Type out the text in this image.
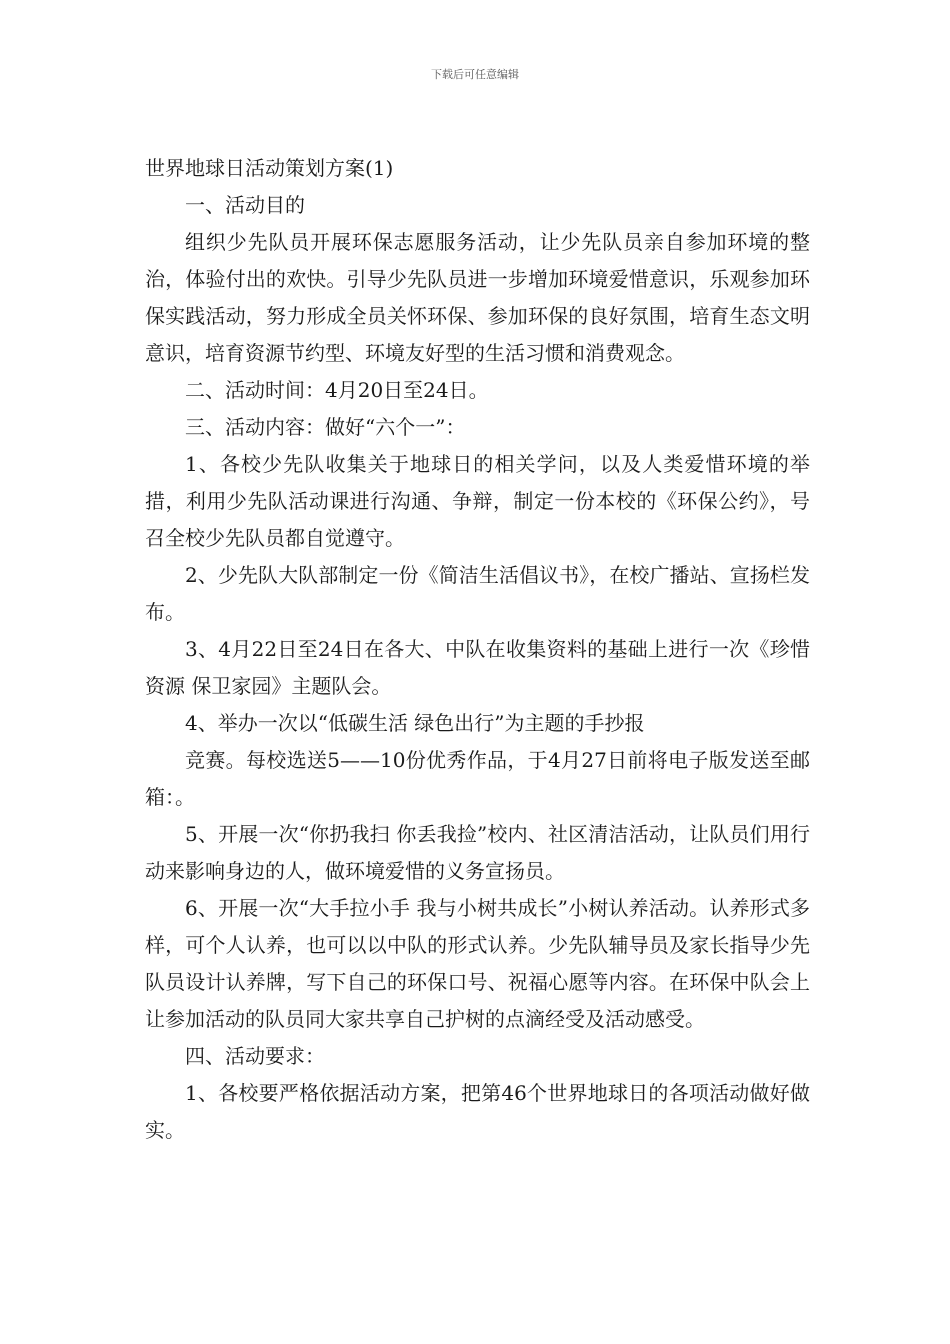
下载后可任意编辑

世界地球日活动策划方案(1)

一、活动目的

组织少先队员开展环保志愿服务活动，让少先队员亲自参加环境的整治，体验付出的欢快。引导少先队员进一步增加环境爱惜意识，乐观参加环保实践活动，努力形成全员关怀环保、参加环保的良好氛围，培育生态文明意识，培育资源节约型、环境友好型的生活习惯和消费观念。

二、活动时间：4月20日至24日。

三、活动内容：做好“六个一”：

1、各校少先队收集关于地球日的相关学问，以及人类爱惜环境的举措，利用少先队活动课进行沟通、争辩，制定一份本校的《环保公约》，号召全校少先队员都自觉遵守。

2、少先队大队部制定一份《简洁生活倡议书》，在校广播站、宣扬栏发布。

3、4月22日至24日在各大、中队在收集资料的基础上进行一次《珍惜资源 保卫家园》主题队会。

4、举办一次以“低碳生活 绿色出行”为主题的手抄报

竞赛。每校选送5——10份优秀作品，于4月27日前将电子版发送至邮箱：。

5、开展一次“你扔我扫 你丢我捡”校内、社区清洁活动，让队员们用行动来影响身边的人，做环境爱惜的义务宣扬员。

6、开展一次“大手拉小手 我与小树共成长”小树认养活动。认养形式多样，可个人认养，也可以以中队的形式认养。少先队辅导员及家长指导少先队员设计认养牌，写下自己的环保口号、祝福心愿等内容。在环保中队会上让参加活动的队员同大家共享自己护树的点滴经受及活动感受。

四、活动要求：

1、各校要严格依据活动方案，把第46个世界地球日的各项活动做好做实。
